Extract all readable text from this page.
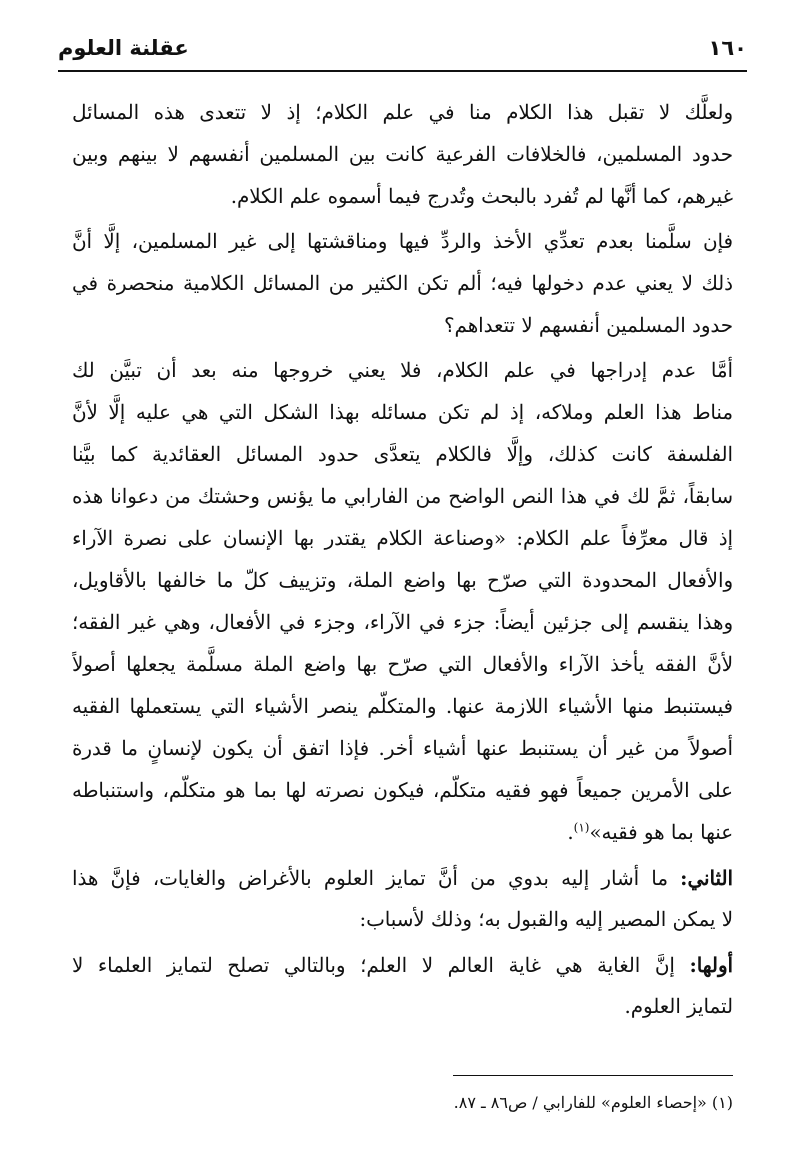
١٦٠
عقلنة العلوم

ولعلَّك لا تقبل هذا الكلام منا في علم الكلام؛ إذ لا تتعدى هذه المسائل

حدود المسلمين، فالخلافات الفرعية كانت بين المسلمين أنفسهم لا بينهم وبين

غيرهم، كما أنَّها لم تُفرد بالبحث وتُدرج فيما أسموه علم الكلام.

فإن سلَّمنا بعدم تعدِّي الأخذ والردِّ فيها ومناقشتها إلى غير المسلمين، إلَّا أنَّ

ذلك لا يعني عدم دخولها فيه؛ ألم تكن الكثير من المسائل الكلامية منحصرة في

حدود المسلمين أنفسهم لا تتعداهم؟

أمَّا عدم إدراجها في علم الكلام، فلا يعني خروجها منه بعد أن تبيَّن لك

مناط هذا العلم وملاكه، إذ لم تكن مسائله بهذا الشكل التي هي عليه إلَّا لأنَّ

الفلسفة كانت كذلك، وإلَّا فالكلام يتعدَّى حدود المسائل العقائدية كما بيَّنا

سابقاً، ثمَّ لك في هذا النص الواضح من الفارابي ما يؤنس وحشتك من دعوانا هذه

إذ قال معرِّفاً علم الكلام: «وصناعة الكلام يقتدر بها الإنسان على نصرة الآراء

والأفعال المحدودة التي صرّح بها واضع الملة، وتزييف كلّ ما خالفها بالأقاويل،

وهذا ينقسم إلى جزئين أيضاً: جزء في الآراء، وجزء في الأفعال، وهي غير الفقه؛

لأنَّ الفقه يأخذ الآراء والأفعال التي صرّح بها واضع الملة مسلَّمة يجعلها أصولاً

فيستنبط منها الأشياء اللازمة عنها. والمتكلّم ينصر الأشياء التي يستعملها الفقيه

أصولاً من غير أن يستنبط عنها أشياء أخر. فإذا اتفق أن يكون لإنسانٍ ما قدرة

على الأمرين جميعاً فهو فقيه متكلّم، فيكون نصرته لها بما هو متكلّم، واستنباطه

عنها بما هو فقيه»$^{(١)}$.

الثاني: ما أشار إليه بدوي من أنَّ تمايز العلوم بالأغراض والغايات، فإنَّ هذا

لا يمكن المصير إليه والقبول به؛ وذلك لأسباب:

أولها: إنَّ الغاية هي غاية العالم لا العلم؛ وبالتالي تصلح لتمايز العلماء لا

لتمايز العلوم.

(١) «إحصاء العلوم» للفارابي / ص٨٦ ـ ٨٧.
